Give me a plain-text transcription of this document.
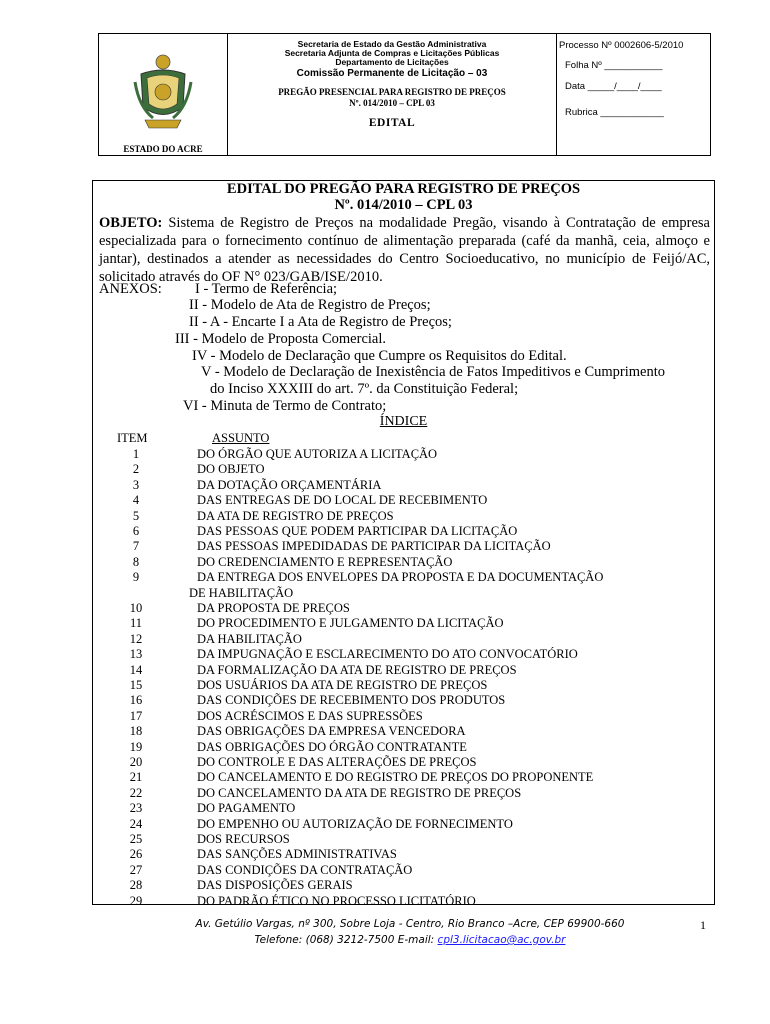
ESTADO DO ACRE
Secretaria de Estado da Gestão Administrativa
Secretaria Adjunta de Compras e Licitações Públicas
Departamento de Licitações
Comissão Permanente de Licitação – 03
PREGÃO PRESENCIAL PARA REGISTRO DE PREÇOS
Nº. 014/2010 – CPL 03
EDITAL
Processo Nº 0002606-5/2010
Folha Nº ___________
Data _____/____/____
Rubrica ____________
EDITAL DO PREGÃO PARA REGISTRO DE PREÇOS
Nº. 014/2010 – CPL 03
OBJETO: Sistema de Registro de Preços na modalidade Pregão, visando à Contratação de empresa especializada para o fornecimento contínuo de alimentação preparada (café da manhã, ceia, almoço e jantar), destinados a atender as necessidades do Centro Socioeducativo, no município de Feijó/AC, solicitado através do OF N° 023/GAB/ISE/2010.
ANEXOS: I - Termo de Referência;
II - Modelo de Ata de Registro de Preços;
II - A - Encarte I a Ata de Registro de Preços;
III - Modelo de Proposta Comercial.
IV - Modelo de Declaração que Cumpre os Requisitos do Edital.
V - Modelo de Declaração de Inexistência de Fatos Impeditivos e Cumprimento
do Inciso XXXIII do art. 7º. da Constituição Federal;
VI - Minuta de Termo de Contrato;
ÍNDICE
ITEM	ASSUNTO
1	DO ÓRGÃO QUE AUTORIZA A LICITAÇÃO
2	DO OBJETO
3	DA DOTAÇÃO ORÇAMENTÁRIA
4	DAS ENTREGAS DE DO LOCAL DE RECEBIMENTO
5	DA ATA DE REGISTRO DE PREÇOS
6	DAS PESSOAS QUE PODEM PARTICIPAR DA LICITAÇÃO
7	DAS PESSOAS IMPEDIDADAS DE PARTICIPAR DA LICITAÇÃO
8	DO CREDENCIAMENTO E REPRESENTAÇÃO
9	DA ENTREGA DOS ENVELOPES DA PROPOSTA E DA DOCUMENTAÇÃO
DE HABILITAÇÃO
10	DA PROPOSTA DE PREÇOS
11	DO PROCEDIMENTO E JULGAMENTO DA LICITAÇÃO
12	DA HABILITAÇÃO
13	DA IMPUGNAÇÃO E ESCLARECIMENTO DO ATO CONVOCATÓRIO
14	DA FORMALIZAÇÃO DA ATA DE REGISTRO DE PREÇOS
15	DOS USUÁRIOS DA ATA DE REGISTRO DE PREÇOS
16	DAS CONDIÇÕES DE RECEBIMENTO DOS PRODUTOS
17	DOS ACRÉSCIMOS E DAS SUPRESSÕES
18	DAS OBRIGAÇÕES DA EMPRESA VENCEDORA
19	DAS OBRIGAÇÕES DO ÓRGÃO CONTRATANTE
20	DO CONTROLE E DAS ALTERAÇÕES DE PREÇOS
21	DO CANCELAMENTO E DO REGISTRO DE PREÇOS DO PROPONENTE
22	DO CANCELAMENTO DA ATA DE REGISTRO DE PREÇOS
23	DO PAGAMENTO
24	DO EMPENHO OU AUTORIZAÇÃO DE FORNECIMENTO
25	DOS RECURSOS
26	DAS SANÇÕES ADMINISTRATIVAS
27	DAS CONDIÇÕES DA CONTRATAÇÃO
28	DAS DISPOSIÇÕES GERAIS
29	DO PADRÃO ÉTICO NO PROCESSO LICITATÓRIO
Av. Getúlio Vargas, nº 300, Sobre Loja - Centro, Rio Branco –Acre, CEP 69900-660
Telefone: (068) 3212-7500 E-mail: cpl3.licitacao@ac.gov.br
1
